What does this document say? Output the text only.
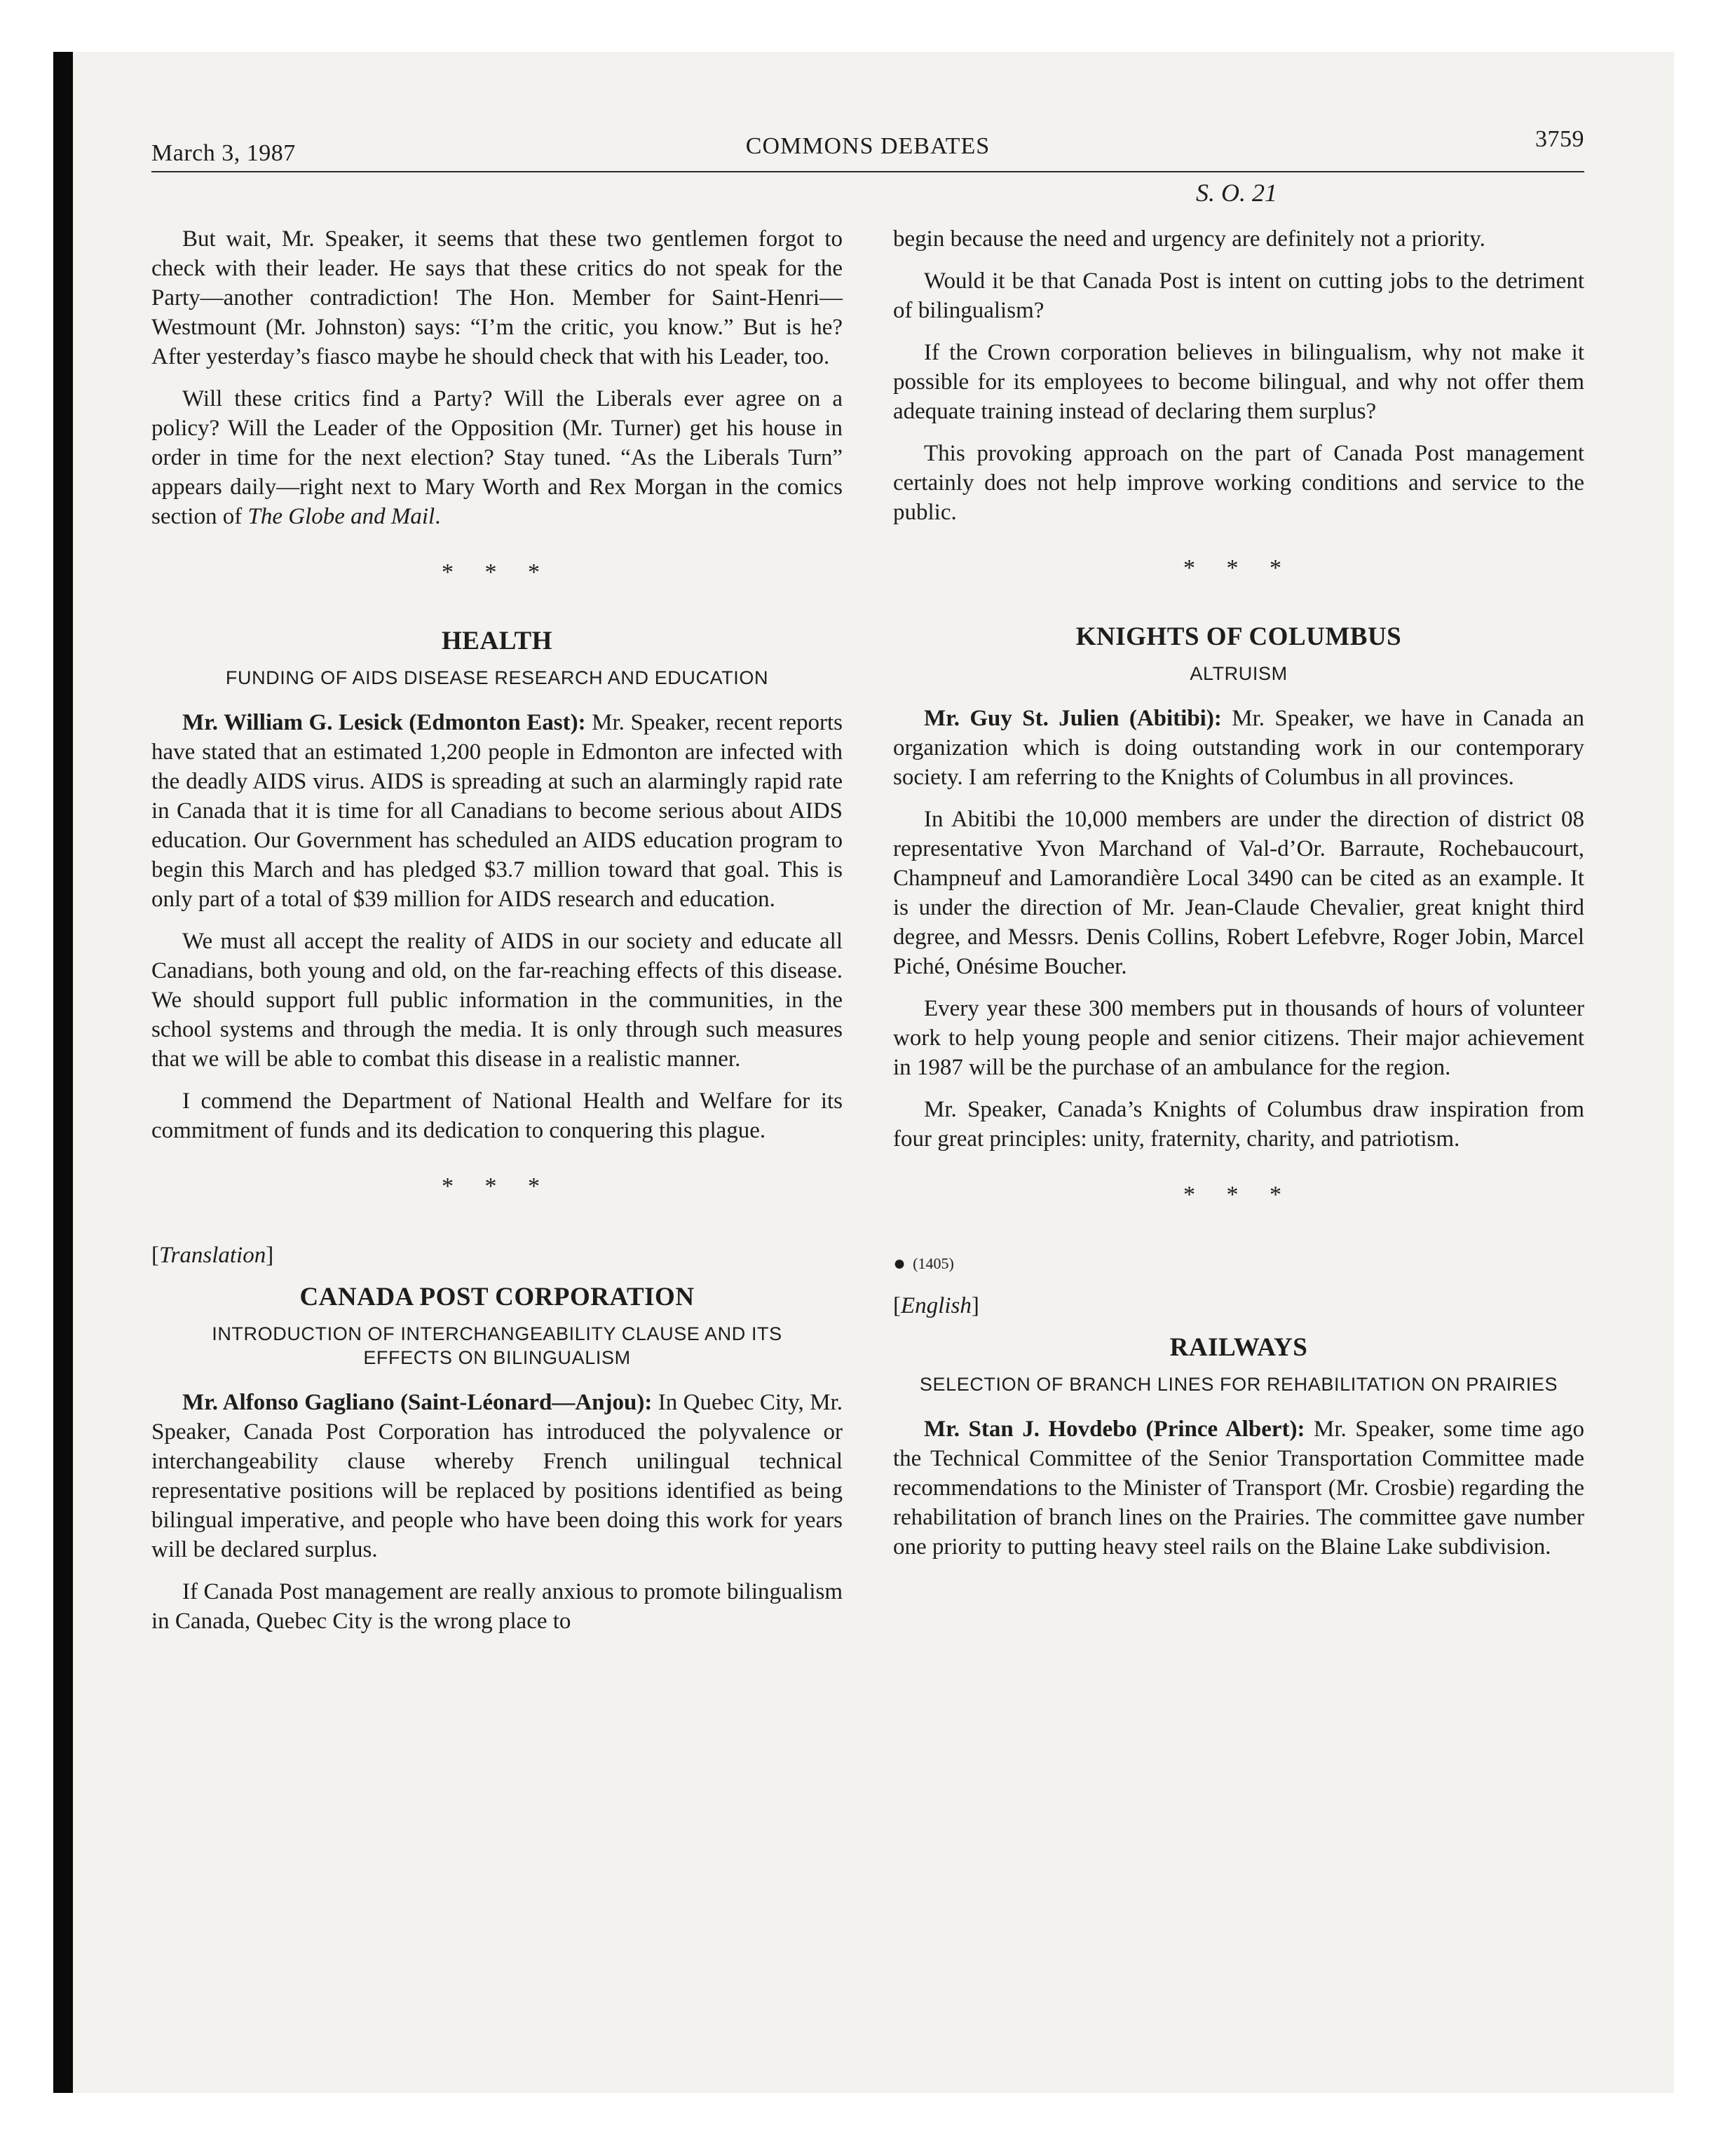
March 3, 1987	COMMONS DEBATES	3759
S. O. 21

But wait, Mr. Speaker, it seems that these two gentlemen forgot to check with their leader. He says that these critics do not speak for the Party—another contradiction! The Hon. Member for Saint-Henri—Westmount (Mr. Johnston) says: “I’m the critic, you know.” But is he? After yesterday’s fiasco maybe he should check that with his Leader, too.

Will these critics find a Party? Will the Liberals ever agree on a policy? Will the Leader of the Opposition (Mr. Turner) get his house in order in time for the next election? Stay tuned. “As the Liberals Turn” appears daily—right next to Mary Worth and Rex Morgan in the comics section of The Globe and Mail.

* * *
HEALTH
FUNDING OF AIDS DISEASE RESEARCH AND EDUCATION

Mr. William G. Lesick (Edmonton East): Mr. Speaker, recent reports have stated that an estimated 1,200 people in Edmonton are infected with the deadly AIDS virus. AIDS is spreading at such an alarmingly rapid rate in Canada that it is time for all Canadians to become serious about AIDS education. Our Government has scheduled an AIDS education program to begin this March and has pledged $3.7 million toward that goal. This is only part of a total of $39 million for AIDS research and education.

We must all accept the reality of AIDS in our society and educate all Canadians, both young and old, on the far-reaching effects of this disease. We should support full public information in the communities, in the school systems and through the media. It is only through such measures that we will be able to combat this disease in a realistic manner.

I commend the Department of National Health and Welfare for its commitment of funds and its dedication to conquering this plague.

* * *

[Translation]

CANADA POST CORPORATION
INTRODUCTION OF INTERCHANGEABILITY CLAUSE AND ITS EFFECTS ON BILINGUALISM

Mr. Alfonso Gagliano (Saint-Léonard—Anjou): In Quebec City, Mr. Speaker, Canada Post Corporation has introduced the polyvalence or interchangeability clause whereby French unilingual technical representative positions will be replaced by positions identified as being bilingual imperative, and people who have been doing this work for years will be declared surplus.

If Canada Post management are really anxious to promote bilingualism in Canada, Quebec City is the wrong place to

begin because the need and urgency are definitely not a priority.

Would it be that Canada Post is intent on cutting jobs to the detriment of bilingualism?

If the Crown corporation believes in bilingualism, why not make it possible for its employees to become bilingual, and why not offer them adequate training instead of declaring them surplus?

This provoking approach on the part of Canada Post management certainly does not help improve working conditions and service to the public.

* * *
KNIGHTS OF COLUMBUS
ALTRUISM

Mr. Guy St. Julien (Abitibi): Mr. Speaker, we have in Canada an organization which is doing outstanding work in our contemporary society. I am referring to the Knights of Columbus in all provinces.

In Abitibi the 10,000 members are under the direction of district 08 representative Yvon Marchand of Val-d’Or. Barraute, Rochebaucourt, Champneuf and Lamorandière Local 3490 can be cited as an example. It is under the direction of Mr. Jean-Claude Chevalier, great knight third degree, and Messrs. Denis Collins, Robert Lefebvre, Roger Jobin, Marcel Piché, Onésime Boucher.

Every year these 300 members put in thousands of hours of volunteer work to help young people and senior citizens. Their major achievement in 1987 will be the purchase of an ambulance for the region.

Mr. Speaker, Canada’s Knights of Columbus draw inspiration from four great principles: unity, fraternity, charity, and patriotism.

* * *

● (1405)

[English]

RAILWAYS
SELECTION OF BRANCH LINES FOR REHABILITATION ON PRAIRIES

Mr. Stan J. Hovdebo (Prince Albert): Mr. Speaker, some time ago the Technical Committee of the Senior Transportation Committee made recommendations to the Minister of Transport (Mr. Crosbie) regarding the rehabilitation of branch lines on the Prairies. The committee gave number one priority to putting heavy steel rails on the Blaine Lake subdivision.
